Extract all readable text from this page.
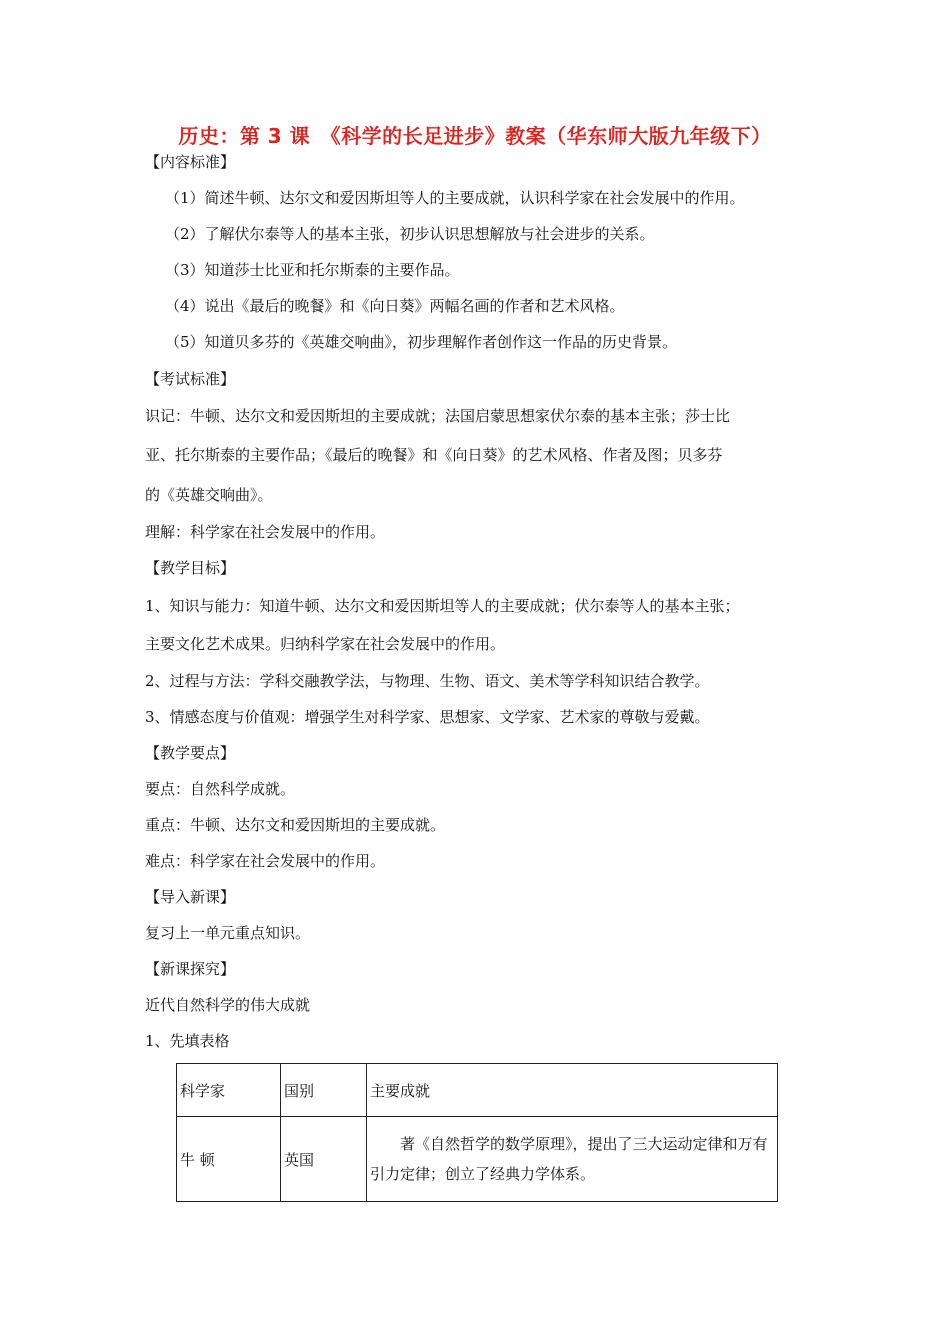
历史：第 3 课　《科学的长足进步》教案（华东师大版九年级下）
【内容标准】
（1）简述牛顿、达尔文和爱因斯坦等人的主要成就，认识科学家在社会发展中的作用。
（2）了解伏尔泰等人的基本主张，初步认识思想解放与社会进步的关系。
（3）知道莎士比亚和托尔斯泰的主要作品。
（4）说出《最后的晚餐》和《向日葵》两幅名画的作者和艺术风格。
（5）知道贝多芬的《英雄交响曲》，初步理解作者创作这一作品的历史背景。
【考试标准】
识记：牛顿、达尔文和爱因斯坦的主要成就；法国启蒙思想家伏尔泰的基本主张；莎士比
亚、托尔斯泰的主要作品；《最后的晚餐》和《向日葵》的艺术风格、作者及图；贝多芬
的《英雄交响曲》。
理解：科学家在社会发展中的作用。
【教学目标】
1、知识与能力：知道牛顿、达尔文和爱因斯坦等人的主要成就；伏尔泰等人的基本主张；
主要文化艺术成果。归纳科学家在社会发展中的作用。
2、过程与方法：学科交融教学法，与物理、生物、语文、美术等学科知识结合教学。
3、情感态度与价值观：增强学生对科学家、思想家、文学家、艺术家的尊敬与爱戴。
【教学要点】
要点：自然科学成就。
重点：牛顿、达尔文和爱因斯坦的主要成就。
难点：科学家在社会发展中的作用。
【导入新课】
复习上一单元重点知识。
【新课探究】
近代自然科学的伟大成就
1、先填表格
科学家	国别	主要成就
牛 顿	英国	著《自然哲学的数学原理》，提出了三大运动定律和万有引力定律；创立了经典力学体系。
